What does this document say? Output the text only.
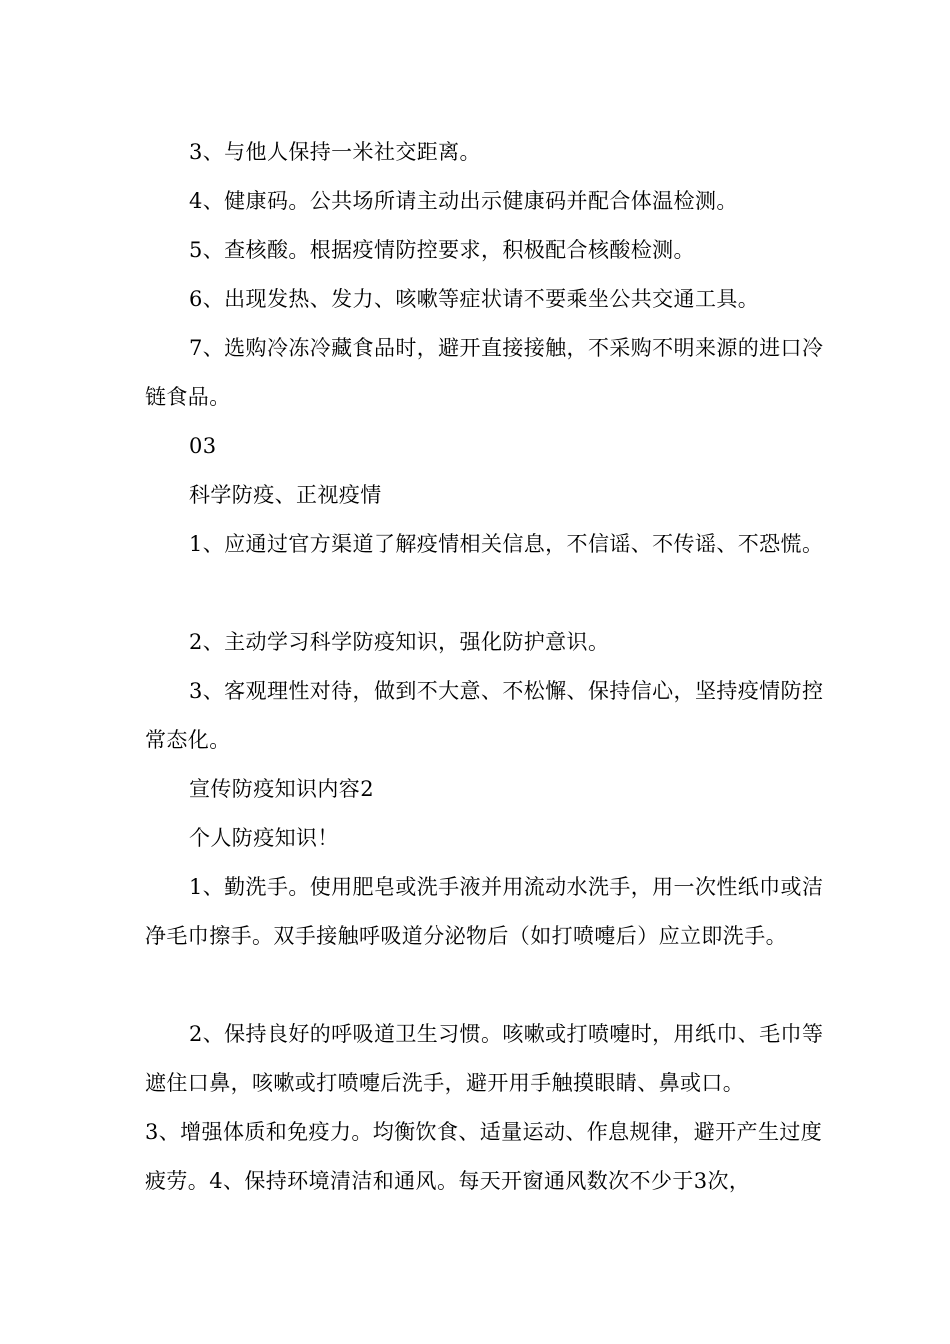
3、与他人保持一米社交距离。

4、健康码。公共场所请主动出示健康码并配合体温检测。

5、查核酸。根据疫情防控要求，积极配合核酸检测。

6、出现发热、发力、咳嗽等症状请不要乘坐公共交通工具。

7、选购冷冻冷藏食品时，避开直接接触，不采购不明来源的进口冷链食品。

03

科学防疫、正视疫情

1、应通过官方渠道了解疫情相关信息，不信谣、不传谣、不恐慌。

2、主动学习科学防疫知识，强化防护意识。

3、客观理性对待，做到不大意、不松懈、保持信心，坚持疫情防控常态化。

宣传防疫知识内容2

个人防疫知识！

1、勤洗手。使用肥皂或洗手液并用流动水洗手，用一次性纸巾或洁净毛巾擦手。双手接触呼吸道分泌物后（如打喷嚏后）应立即洗手。

2、保持良好的呼吸道卫生习惯。咳嗽或打喷嚏时，用纸巾、毛巾等遮住口鼻，咳嗽或打喷嚏后洗手，避开用手触摸眼睛、鼻或口。

3、增强体质和免疫力。均衡饮食、适量运动、作息规律，避开产生过度疲劳。4、保持环境清洁和通风。每天开窗通风数次不少于3次，
